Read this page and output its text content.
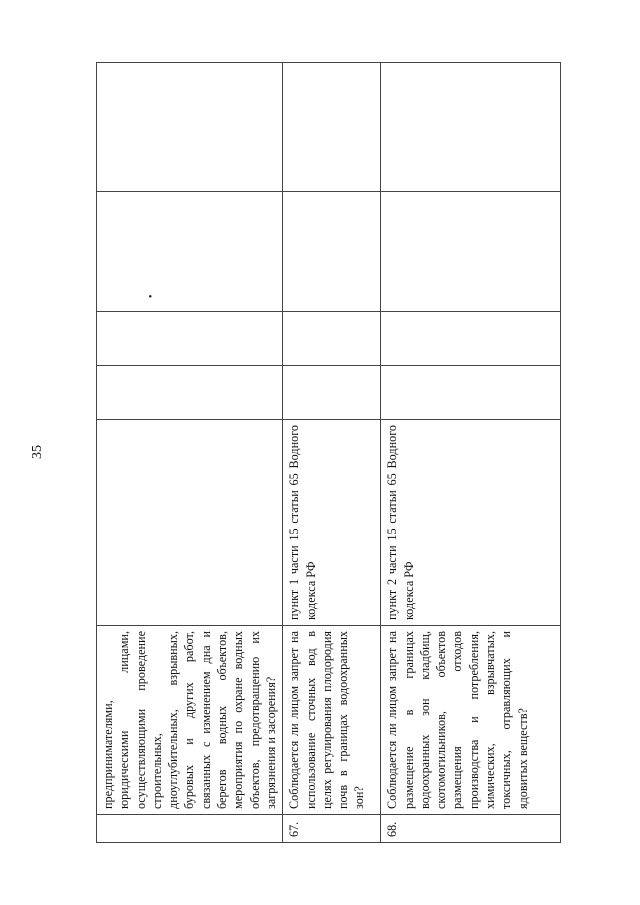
35
	предпринимателями, юридическими лицами, осуществляющими проведение строительных, дноуглубительных, взрывных, буровых и других работ, связанных с изменением дна и берегов водных объектов, мероприятия по охране водных объектов, предотвращению их загрязнения и засорения?				•	
67.	Соблюдается ли лицом запрет на использование сточных вод в целях регулирования плодородия почв в границах водоохранных зон?	пункт 1 части 15 статьи 65 Водного кодекса РФ				
68.	Соблюдается ли лицом запрет на размещение в границах водоохранных зон кладбищ, скотомогильников, объектов размещения отходов производства и потребления, химических, взрывчатых, токсичных, отравляющих и ядовитых веществ?	пункт 2 части 15 статьи 65 Водного кодекса РФ				
